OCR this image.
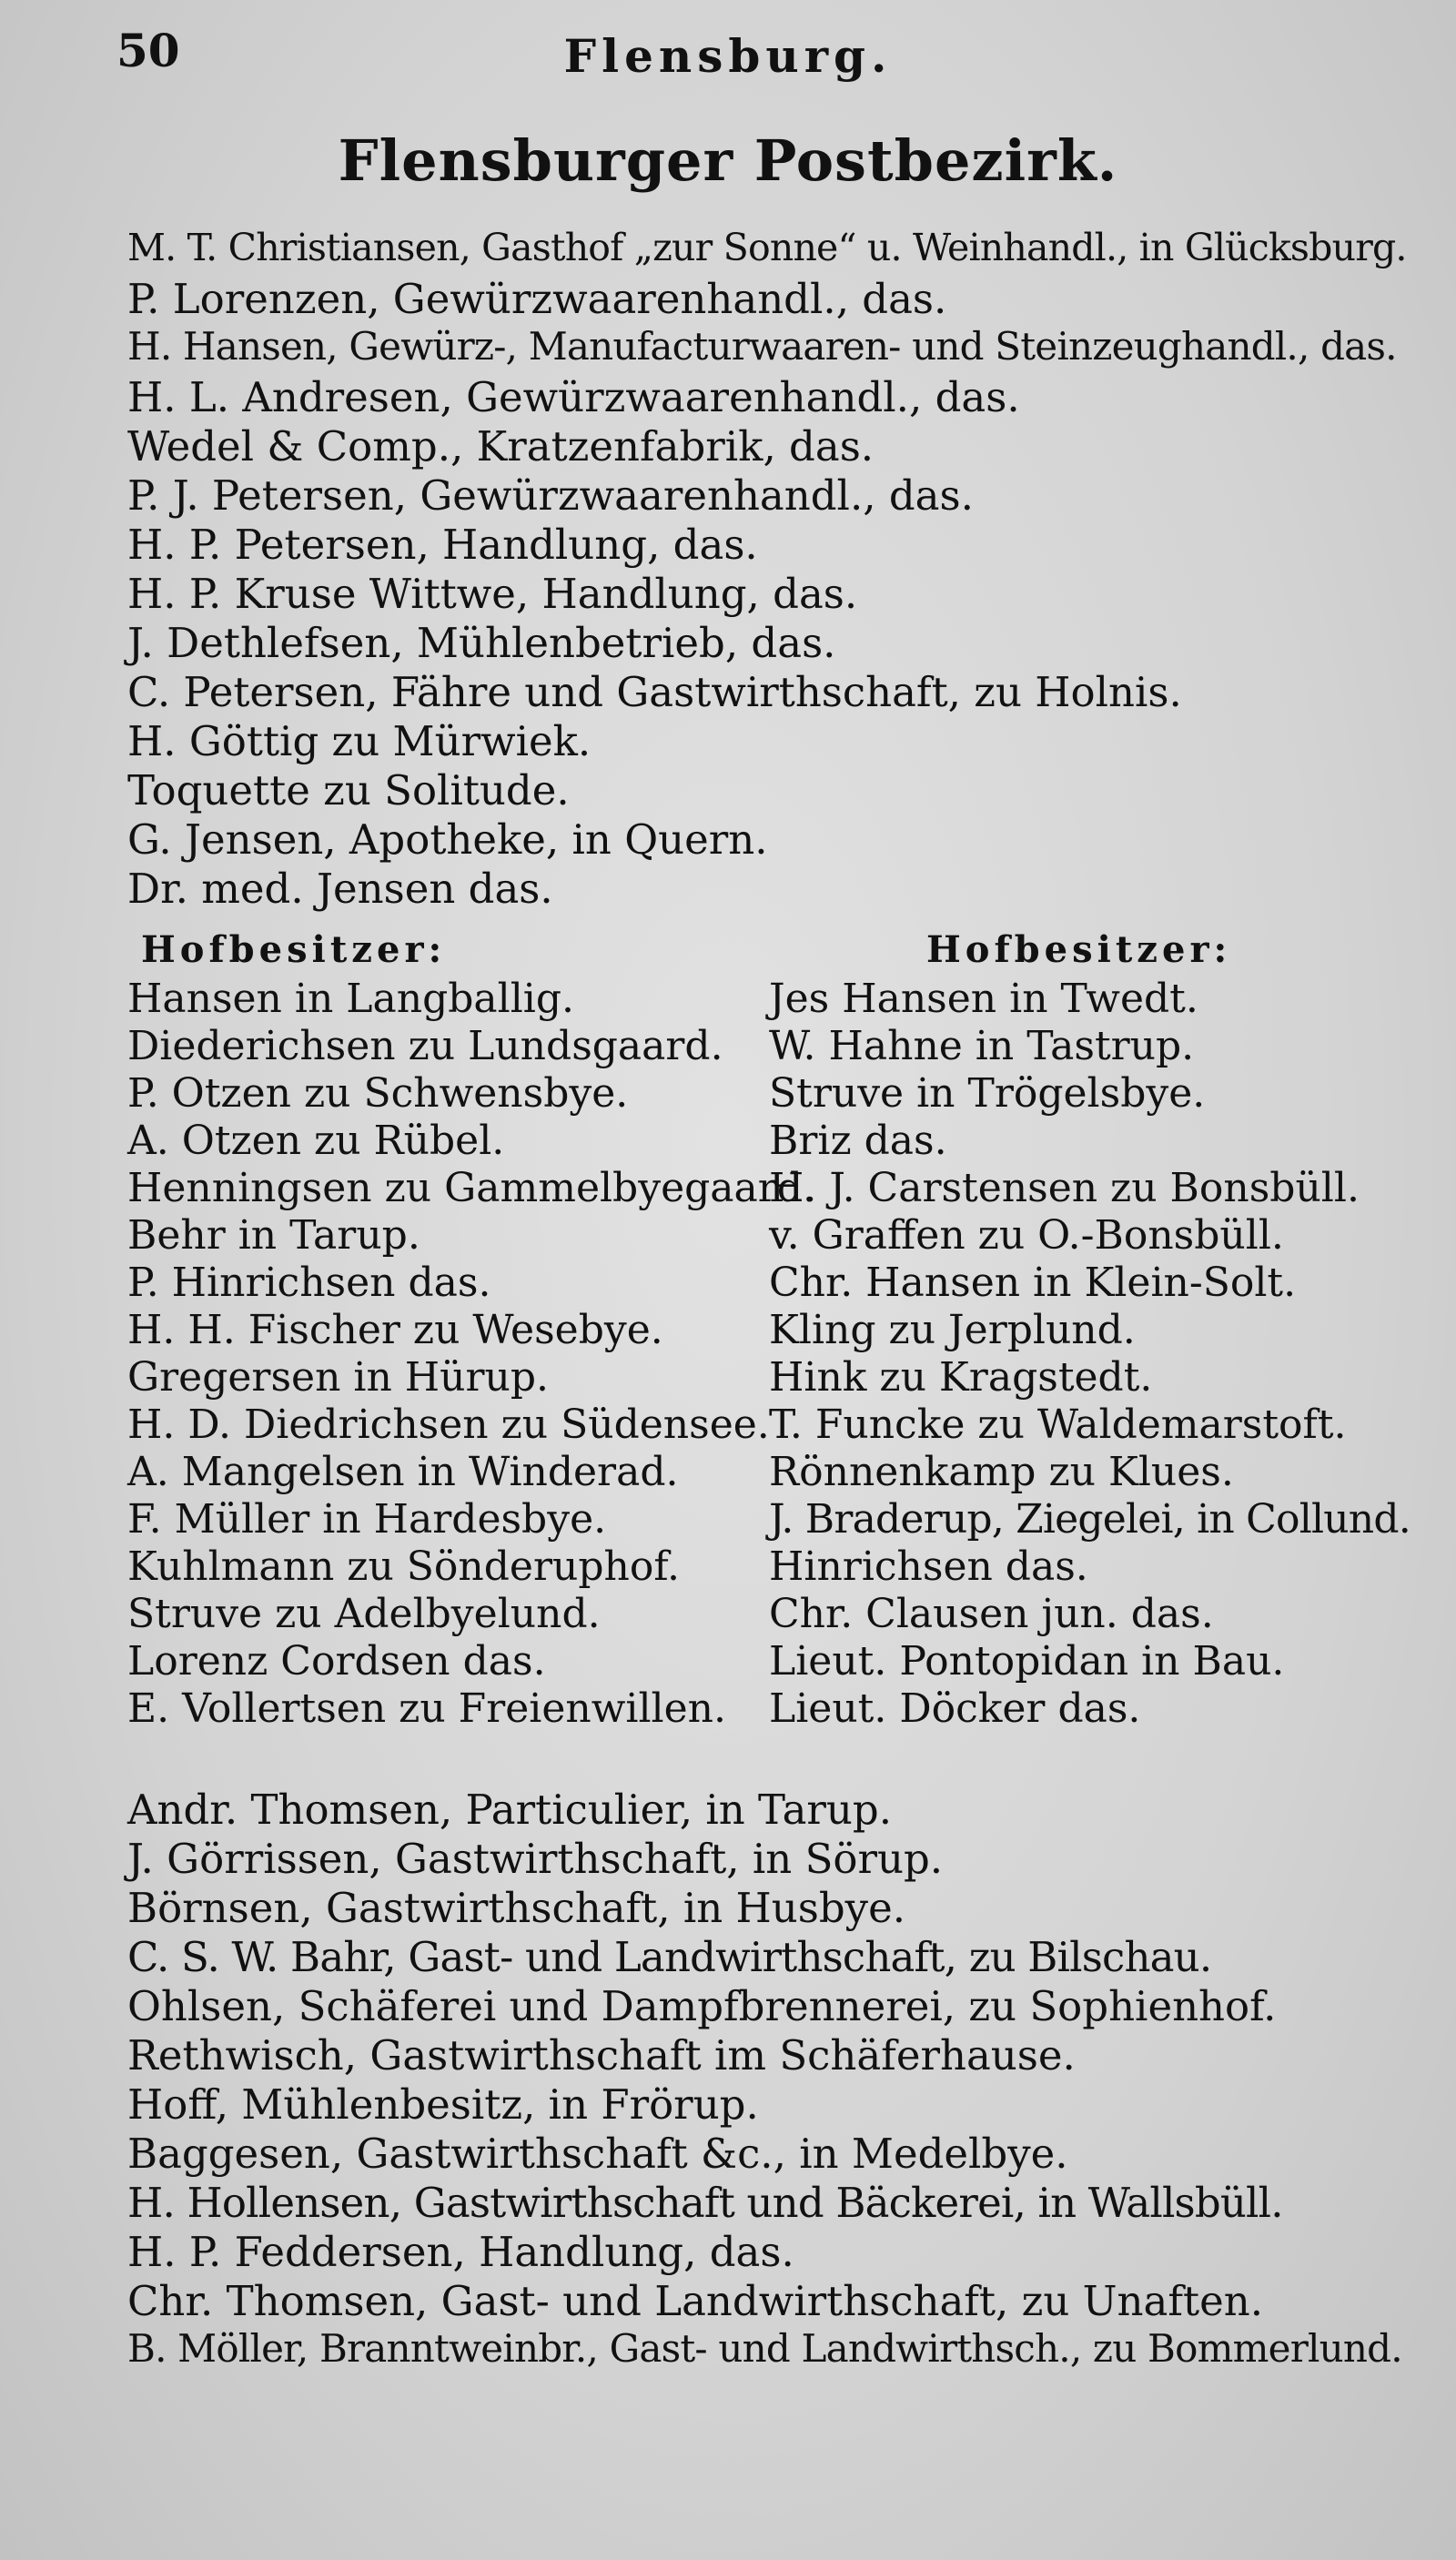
50	Flensburg.
Flensburger Postbezirk.
M. T. Christiansen, Gasthof „zur Sonne“ u. Weinhandl., in Glücksburg.
P. Lorenzen, Gewürzwaarenhandl., das.
H. Hansen, Gewürz-, Manufacturwaaren- und Steinzeughandl., das.
H. L. Andresen, Gewürzwaarenhandl., das.
Wedel & Comp., Kratzenfabrik, das.
P. J. Petersen, Gewürzwaarenhandl., das.
H. P. Petersen, Handlung, das.
H. P. Kruse Wittwe, Handlung, das.
J. Dethlefsen, Mühlenbetrieb, das.
C. Petersen, Fähre und Gastwirthschaft, zu Holnis.
H. Göttig zu Mürwiek.
Toquette zu Solitude.
G. Jensen, Apotheke, in Quern.
Dr. med. Jensen das.
Hofbesitzer:	Hofbesitzer:
Hansen in Langballig.
Diederichsen zu Lundsgaard.
P. Otzen zu Schwensbye.
A. Otzen zu Rübel.
Henningsen zu Gammelbyegaard.
Behr in Tarup.
P. Hinrichsen das.
H. H. Fischer zu Wesebye.
Gregersen in Hürup.
H. D. Diedrichsen zu Südensee.
A. Mangelsen in Winderad.
F. Müller in Hardesbye.
Kuhlmann zu Sönderuphof.
Struve zu Adelbyelund.
Lorenz Cordsen das.
E. Vollertsen zu Freienwillen.
Jes Hansen in Twedt.
W. Hahne in Tastrup.
Struve in Trögelsbye.
Briz das.
H. J. Carstensen zu Bonsbüll.
v. Graffen zu O.-Bonsbüll.
Chr. Hansen in Klein-Solt.
Kling zu Jerplund.
Hink zu Kragstedt.
T. Funcke zu Waldemarstoft.
Rönnenkamp zu Klues.
J. Braderup, Ziegelei, in Collund.
Hinrichsen das.
Chr. Clausen jun. das.
Lieut. Pontopidan in Bau.
Lieut. Döcker das.
Andr. Thomsen, Particulier, in Tarup.
J. Görrissen, Gastwirthschaft, in Sörup.
Börnsen, Gastwirthschaft, in Husbye.
C. S. W. Bahr, Gast- und Landwirthschaft, zu Bilschau.
Ohlsen, Schäferei und Dampfbrennerei, zu Sophienhof.
Rethwisch, Gastwirthschaft im Schäferhause.
Hoff, Mühlenbesitz, in Frörup.
Baggesen, Gastwirthschaft &c., in Medelbye.
H. Hollensen, Gastwirthschaft und Bäckerei, in Wallsbüll.
H. P. Feddersen, Handlung, das.
Chr. Thomsen, Gast- und Landwirthschaft, zu Unaften.
B. Möller, Branntweinbr., Gast- und Landwirthsch., zu Bommerlund.
